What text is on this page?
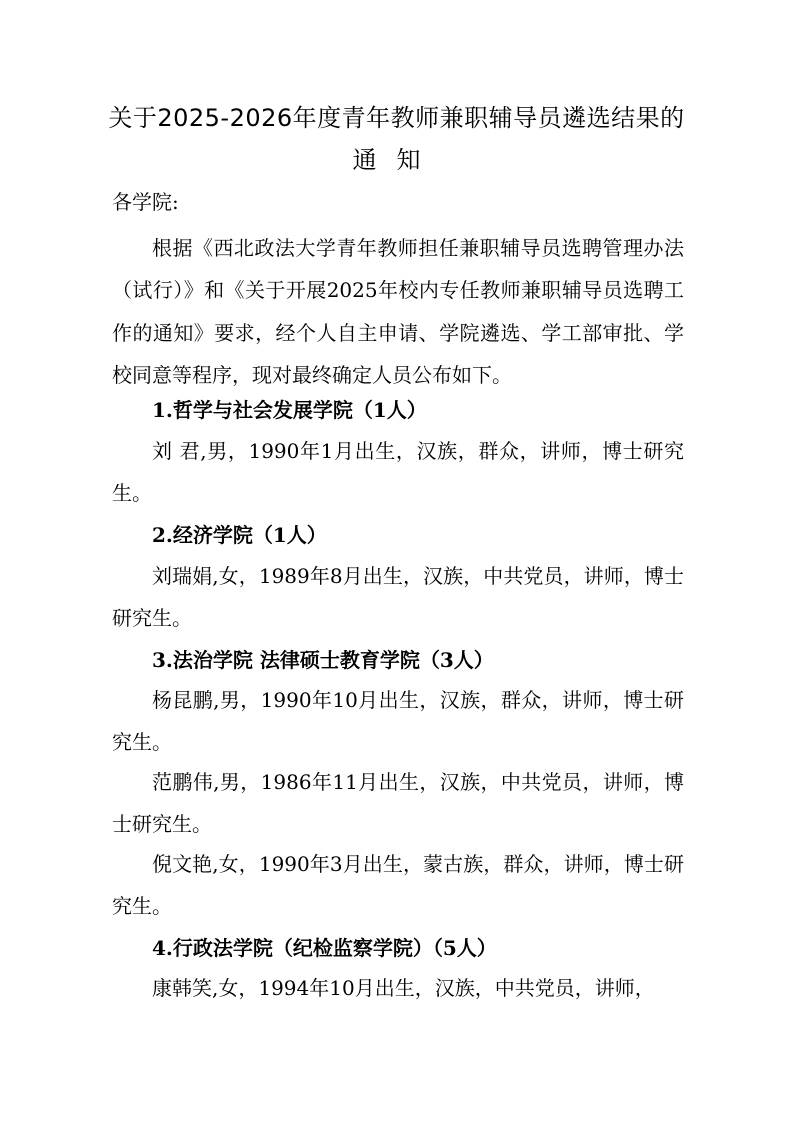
关于2025-2026年度青年教师兼职辅导员遴选结果的
通知
各学院:
根据《西北政法大学青年教师担任兼职辅导员选聘管理办法（试行）》和《关于开展2025年校内专任教师兼职辅导员选聘工作的通知》要求，经个人自主申请、学院遴选、学工部审批、学校同意等程序，现对最终确定人员公布如下。
1.哲学与社会发展学院（1人）
刘 君,男，1990年1月出生，汉族，群众，讲师，博士研究生。
2.经济学院（1人）
刘瑞娟,女，1989年8月出生，汉族，中共党员，讲师，博士研究生。
3.法治学院 法律硕士教育学院（3人）
杨昆鹏,男，1990年10月出生，汉族，群众，讲师，博士研究生。
范鹏伟,男，1986年11月出生，汉族，中共党员，讲师，博士研究生。
倪文艳,女，1990年3月出生，蒙古族，群众，讲师，博士研究生。
4.行政法学院（纪检监察学院）（5人）
康韩笑,女，1994年10月出生，汉族，中共党员，讲师，
